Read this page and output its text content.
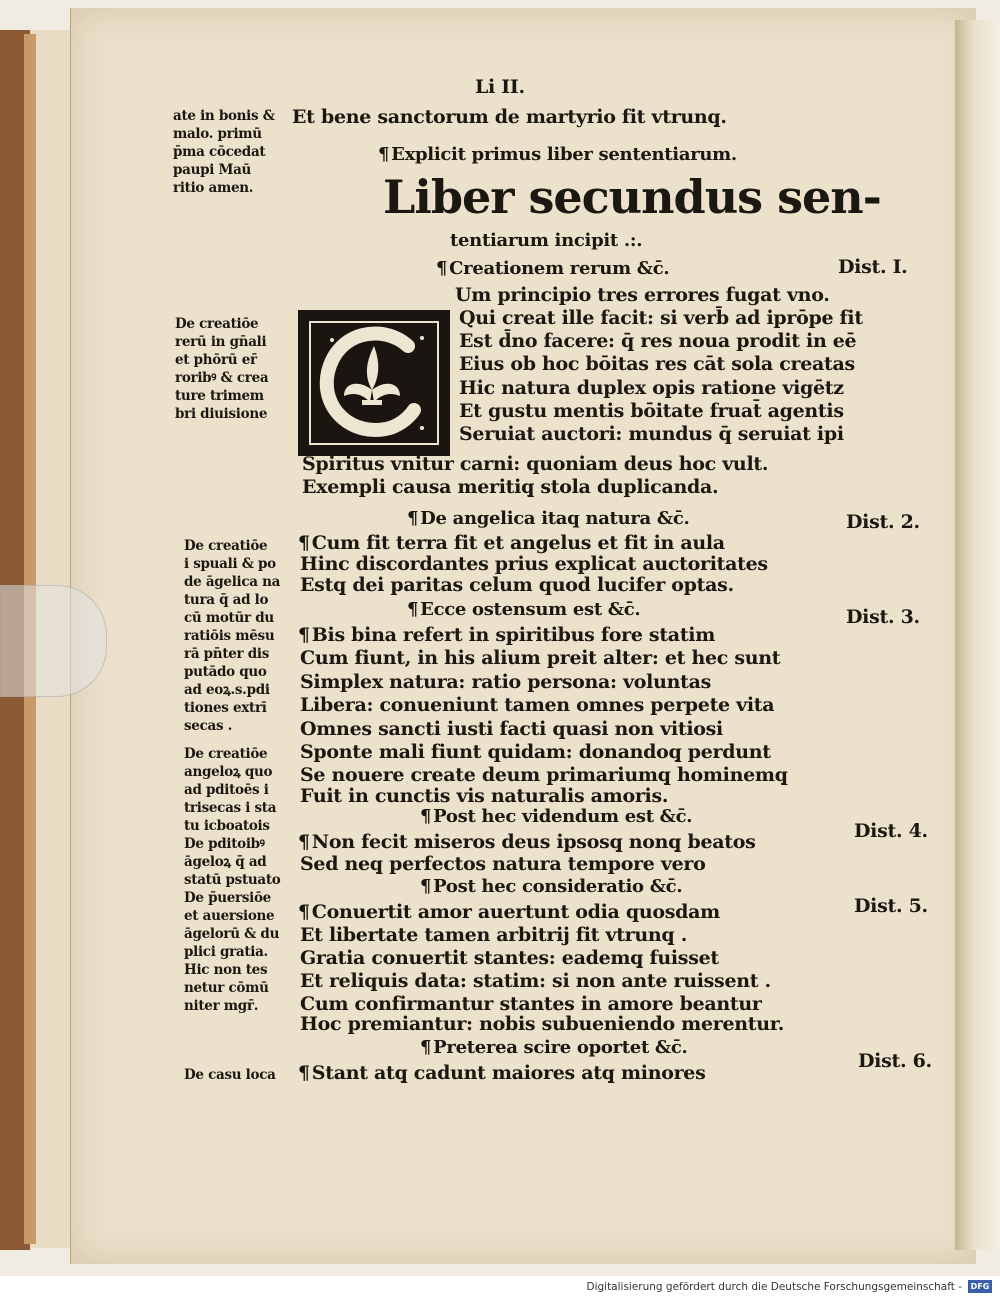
Li II.
Et bene sanctorum de martyrio fit vtrunq̧.
¶ Explicit primus liber sententiarum.
Liber secundus sen-
tentiarum incipit .:.
ate in bonis &
malo. primū
p̄ma cōcedat
paupi Maū
ritio amen.
De creatiōe
rerū in gn̄ali
et phōrū er̄
roribꝰ & crea
ture trimem
bri diuisione
De creatiōe
i spuali & po
de āgelica na
tura q̄ ad lo
cū motūr du
ratiōis mēsu
rā pn̄ter dis
putādo quo
ad eoꝝ.s.pdi
tiones extrī
secas .
De creatiōe
angeloꝝ quo
ad pditoēs i
trisecas i sta
tu icboatois
De pditoibꝰ
āgeloꝝ q̄ ad
statū pstuato
De p̄uersiōe
et auersione
āgelorū & du
plici gratia.
Hic non tes
netur cōmū
niter mgr̄.
De casu loca
Dist. I.
Dist. 2.
Dist. 3.
Dist. 4.
Dist. 5.
Dist. 6.
¶ Creationem rerum &c̄.
¶ De angelica itaq̧ natura &c̄.
¶ Ecce ostensum est &c̄.
¶ Post hec videndum est &c̄.
¶ Post hec consideratio &c̄.
¶ Preterea scire oportet &c̄.
Um principio tres errores fugat vno.
Qui creat ille facit: si verb̄ ad iprōpe fit
Est d̄no facere: q̄ res noua prodit in eē
Eius ob hoc bōitas res cāt sola creatas
Hic natura duplex opis ratione vigētz
Et gustu mentis bōitate fruat̄ agentis
Seruiat auctori: mundus q̄ seruiat ipi
Spiritus vnitur carni: quoniam deus hoc vult.
Exempli causa meritiq̧ stola duplicanda.
¶ Cum fit terra fit et angelus et fit in aula
Hinc discordantes prius explicat auctoritates
Estq̧ dei paritas celum quod lucifer optas.
¶ Bis bina refert in spiritibus fore statim
Cum fiunt, in his alium preit alter: et hec sunt
Simplex natura: ratio persona: voluntas
Libera: conueniunt tamen omnes perpete vita
Omnes sancti iusti facti quasi non vitiosi
Sponte mali fiunt quidam: donandoq̧ perdunt
Se nouere create deum primariumq̧ hominemq̧
Fuit in cunctis vis naturalis amoris.
¶ Non fecit miseros deus ipsosq̧ nonq̧ beatos
Sed neq̧ perfectos natura tempore vero
¶ Conuertit amor auertunt odia quosdam
Et libertate tamen arbitrij fit vtrunq̧ .
Gratia conuertit stantes: eademq̧ fuisset
Et reliquis data: statim: si non ante ruissent .
Cum confirmantur stantes in amore beantur
Hoc premiantur: nobis subueniendo merentur.
¶ Stant atq̧ cadunt maiores atq̧ minores
Digitalisierung gefördert durch die Deutsche Forschungsgemeinschaft -	DFG
